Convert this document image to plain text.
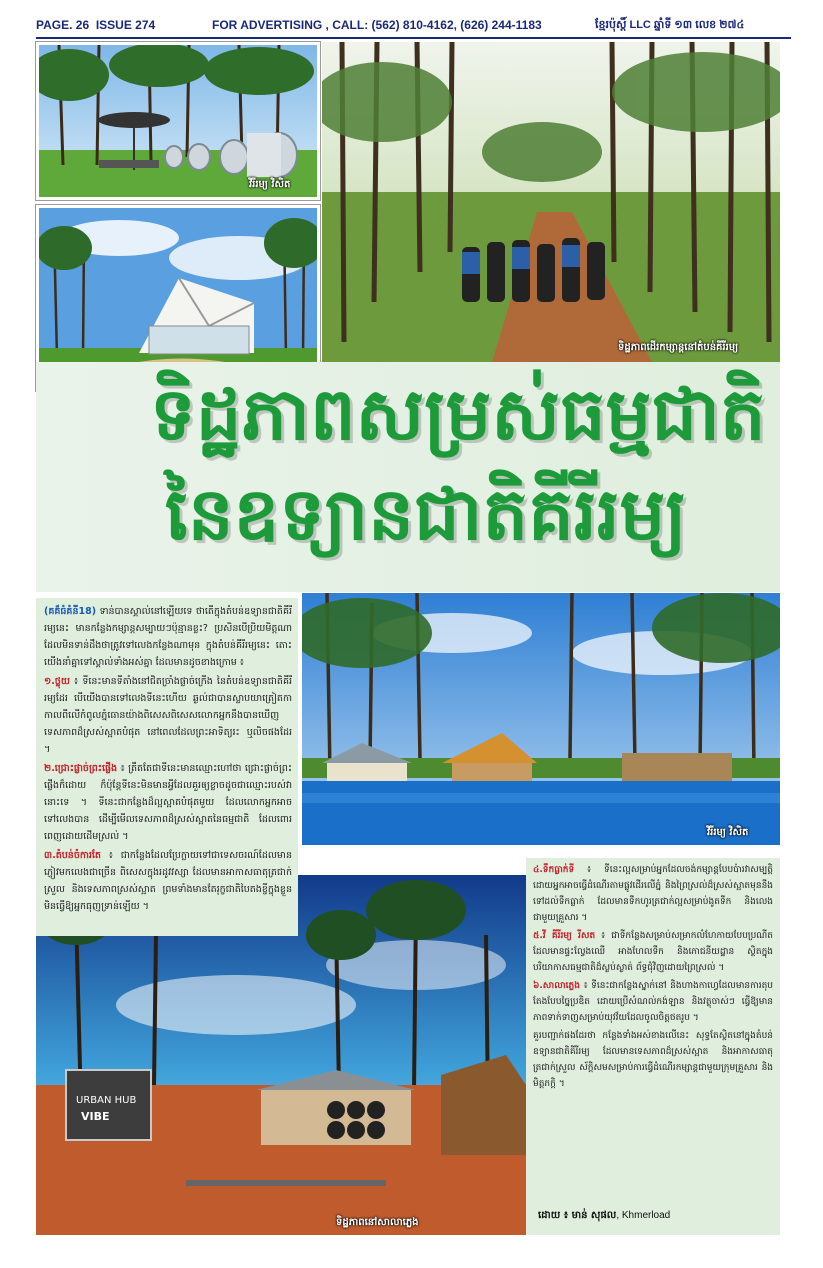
PAGE. 26 ISSUE 274	FOR ADVERTISING , CALL: (562) 810-4162, (626) 244-1183	ខ្មែរប៉ុស្តិ៍ LLC ឆ្នាំទី ១៣ លេខ ២៧៤
វិរីរម្យ វិសិត
ទិដ្ឋភាពដើរកម្សាន្តនៅតំបន់គីរីរម្យ
ទិដ្ឋភាពសម្រស់ធម្មជាតិ
នៃឧទ្យានជាតិគីរីរម្យ
វិរីរម្យ វិសិត
URBAN HUB
VIBE
ទិដ្ឋភាពនៅសាលាភ្លេង

(គគ៏ធំគំនី18) ទាន់បានស្គាល់នៅឡើយទេ ថាតើក្នុងតំបន់ឧទ្យានជាតិគីរីរម្យនេះ មានកន្លែងកម្សាន្តសម្បាយៗប៉ុន្មានខ្លះ? ប្រសិនបើប្រិយមិត្តណាដែលមិនទាន់ដឹងថាត្រូវទៅលេងកន្លែងណាមុន ក្នុងតំបន់គីរីរម្យនេះ តោះយើងនាំគ្នាទៅស្គាល់ទាំងអស់គ្នា ដែលមានដូចខាងក្រោម ៖

១.ថ្លុយ ៖ ទីនេះមានទីតាំងនៅជិតច្រាំងផ្លាច់ក្រើង នៃតំបន់ឧទ្យានជាតិគីរីរម្យដែរ បើយើងបានទៅលេងទីនេះហើយ ឆ្ងល់ជាបានស្លាបយាត្រៀតកាកាលពីលើកំពូលភ្នំធោនយ៉ាងពិសេសពិសេសលោកអ្នកនឹងបានឃើញទេសភាពដ៏ស្រស់ស្អាតបំផុត នៅពេលដែលព្រះអាទិត្យរះ ឬលិចផងដែរ ។

២.ជ្រោះផ្លាច់ព្រះផ្លើង ៖ ត្រឹតតែជាទីនេះមានឈ្មោះហៅថា ជ្រោះផ្លាច់ព្រះផ្លើងក៏ដោយ ក៏ប៉ុន្តែទីនេះមិនមានអ្វីដែលគួរឲ្យខ្លាចដូចជាឈ្មោះរបស់វានោះទេ ។ ទីនេះជាកន្លែងដ៏ល្អស្អាតបំផុតមួយ ដែលលោកអ្នកអាចទៅលេងបាន ដើម្បីមើលទេសភាពដ៏ស្រស់ស្អាតនៃធម្មជាតិ ដែលពោរពេញដោយដើមស្រល់ ។

៣.តំបន់ចំការតែ ៖ ជាកន្លែងដែលប្រែក្លាយទៅជាទេសចរណ៍ដែលមានភ្ញៀវមកលេងជាច្រើន ពិសេសក្នុងរដូវវស្សា ដែលមានអាកាសធាតុត្រជាក់ស្រួល និងទេសភាពស្រស់ស្អាត ព្រមទាំងមានតែរុក្ខជាតិបៃតងខ្ចីក្នុងខ្លួន មិនធ្វើឱ្យអ្នកធុញទ្រាន់ឡើយ ។

៤.ទឹកធ្លាក់ទី ៖ ទីនេះល្អសម្រាប់អ្នកដែលចង់កម្សាន្តបែបប៉ារវាសម្បត្តិ ដោយអ្នកអាចធ្វើដំណើរតាមផ្លូវដើរលើភ្នំ និងព្រៃស្រល់ដ៏ស្រស់ស្អាតមុននឹងទៅដល់ទឹកធ្លាក់ ដែលមានទឹកហូរត្រជាក់ល្អសម្រាប់ងូតទឹក និងលេងជាមួយគ្រួសារ ។

៥.វី គីរីរម្យ រីសត ៖ ជាទីកន្លែងសម្រាប់សម្រាកលំហែកាយបែបប្រណីត ដែលមានផ្ទះល្វែងឈើ អាងហែលទឹក និងភោជនីយដ្ឋាន ស្ថិតក្នុងបរិយាកាសធម្មជាតិដ៏ស្ងប់ស្ងាត់ ព័ទ្ធជុំវិញដោយព្រៃស្រល់ ។

៦.សាលាភ្លេង ៖ ទីនេះជាកន្លែងស្នាក់នៅ និងហាងកាហ្វេដែលមានការតុបតែងបែបច្នៃប្រឌិត ដោយប្រើសំណល់កង់ឡាន និងវត្ថុចាស់ៗ ធ្វើឱ្យមានភាពទាក់ទាញសម្រាប់យុវវ័យដែលចូលចិត្តថតរូប ។

គួរបញ្ជាក់ផងដែរថា កន្លែងទាំងអស់ខាងលើនេះ សុទ្ធតែស្ថិតនៅក្នុងតំបន់ឧទ្យានជាតិគីរីរម្យ ដែលមានទេសភាពដ៏ស្រស់ស្អាត និងអាកាសធាតុត្រជាក់ស្រួល ស័ក្តិសមសម្រាប់ការធ្វើដំណើរកម្សាន្តជាមួយក្រុមគ្រួសារ និងមិត្តភក្តិ ។

ដោយ ៖ មាន់ សុផល, Khmerload
